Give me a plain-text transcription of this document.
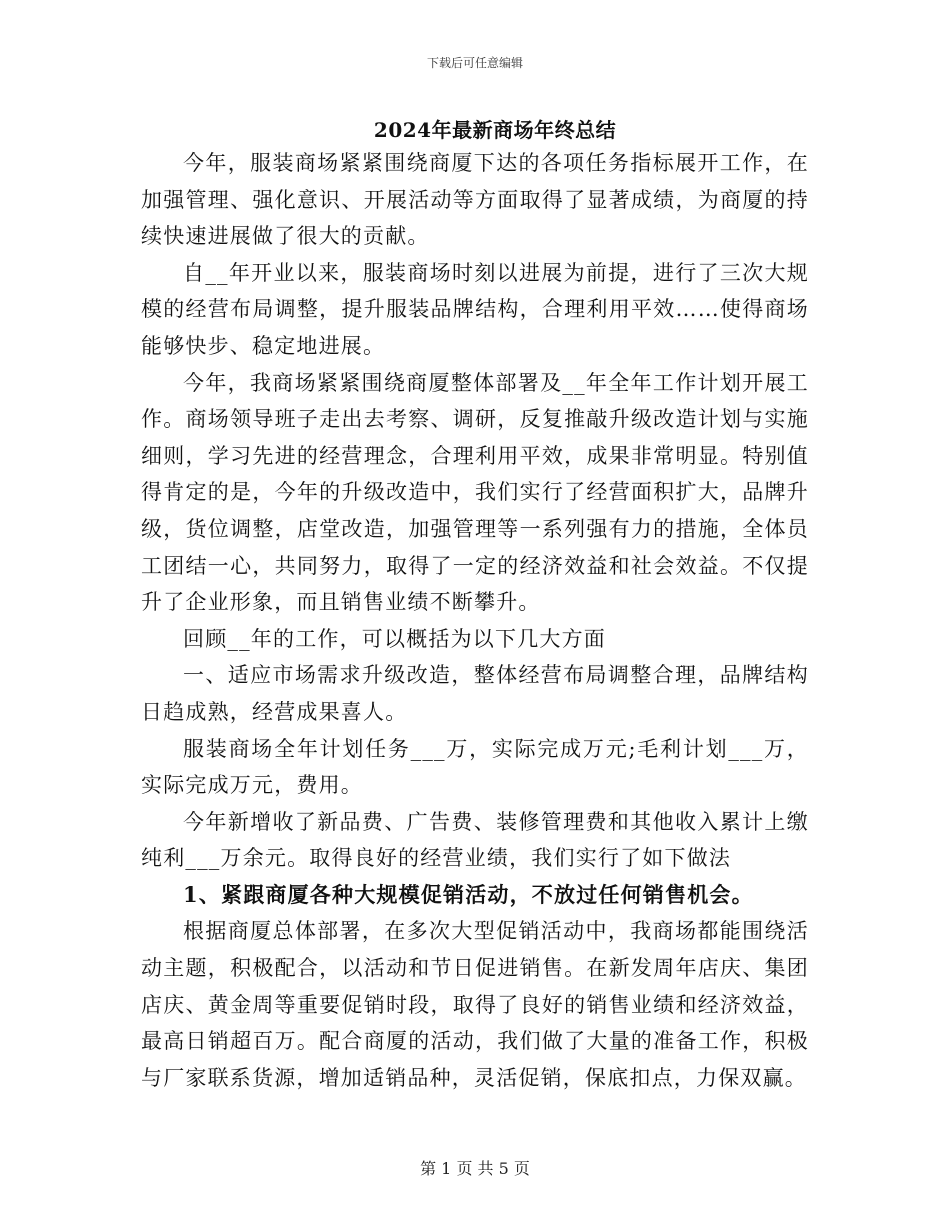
下载后可任意编辑
2024年最新商场年终总结

今年，服装商场紧紧围绕商厦下达的各项任务指标展开工作，在加强管理、强化意识、开展活动等方面取得了显著成绩，为商厦的持续快速进展做了很大的贡献。

自__年开业以来，服装商场时刻以进展为前提，进行了三次大规模的经营布局调整，提升服装品牌结构，合理利用平效……使得商场能够快步、稳定地进展。

今年，我商场紧紧围绕商厦整体部署及__年全年工作计划开展工作。商场领导班子走出去考察、调研，反复推敲升级改造计划与实施细则，学习先进的经营理念，合理利用平效，成果非常明显。特别值得肯定的是，今年的升级改造中，我们实行了经营面积扩大，品牌升级，货位调整，店堂改造，加强管理等一系列强有力的措施，全体员工团结一心，共同努力，取得了一定的经济效益和社会效益。不仅提升了企业形象，而且销售业绩不断攀升。

回顾__年的工作，可以概括为以下几大方面

一、适应市场需求升级改造，整体经营布局调整合理，品牌结构日趋成熟，经营成果喜人。

服装商场全年计划任务___万，实际完成万元;毛利计划___万，实际完成万元，费用。

今年新增收了新品费、广告费、装修管理费和其他收入累计上缴纯利___万余元。取得良好的经营业绩，我们实行了如下做法

1、紧跟商厦各种大规模促销活动，不放过任何销售机会。

根据商厦总体部署，在多次大型促销活动中，我商场都能围绕活动主题，积极配合，以活动和节日促进销售。在新发周年店庆、集团店庆、黄金周等重要促销时段，取得了良好的销售业绩和经济效益，最高日销超百万。配合商厦的活动，我们做了大量的准备工作，积极与厂家联系货源，增加适销品种，灵活促销，保底扣点，力保双赢。

第 1 页 共 5 页
